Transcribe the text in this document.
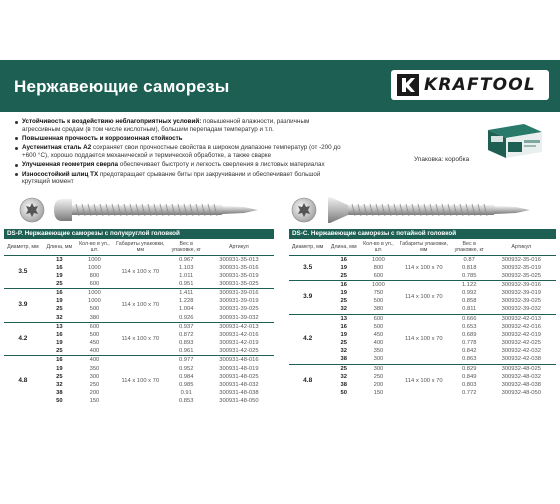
Нержавеющие саморезы	KRAFTOOL
Устойчивость к воздействию неблагоприятных условий: повышенной влажности, различным агрессивным средам (в том числе кислотным), большим перепадам температур и т.п.
Повышенная прочность и коррозионная стойкость
Аустенитная сталь А2 сохраняет свои прочностные свойства в широком диапазоне температур (от -200 до +600 °С), хорошо поддается механической и термической обработке, а также сварке
Улучшенная геометрия сверла обеспечивает быстроту и легкость сверления в листовых материалах
Износостойкий шлиц TX предотвращает срывание биты при закручивании и обеспечивает большой крутящий момент
Упаковка: коробка
DS-P. Нержавеющие саморезы с полукруглой головкой
Диаметр, мм	Длина, мм	Кол-во в уп., шт.	Габариты упаковки, мм	Вес в упаковке, кг	Артикул
3.5	13	1000	114 x 100 x 70	0.967	300931-35-013
	16	1000		1.103	300931-35-016
	19	800		1.011	300931-35-019
	25	600		0.951	300931-35-025
3.9	16	1000	114 x 100 x 70	1.411	300931-39-016
	19	1000		1.228	300931-39-019
	25	500		1.004	300931-39-025
	32	380		0.926	300931-39-032
4.2	13	600	114 x 100 x 70	0.937	300931-42-013
	16	500		0.872	300931-42-016
	19	450		0.893	300931-42-019
	25	400		0.961	300931-42-025
4.8	16	400	114 x 100 x 70	0.977	300931-48-016
	19	350		0.952	300931-48-019
	25	300		0.984	300931-48-025
	32	250		0.985	300931-48-032
	38	200		0.91	300931-48-038
	50	150		0.853	300931-48-050
DS-C. Нержавеющие саморезы с потайной головкой
Диаметр, мм	Длина, мм	Кол-во в уп., шт.	Габариты упаковки, мм	Вес в упаковке, кг	Артикул
3.5	16	1000	114 x 100 x 70	0.87	300932-35-016
	19	800		0.818	300932-35-019
	25	600		0.785	300932-35-025
3.9	16	1000	114 x 100 x 70	1.122	300932-39-016
	19	750		0.992	300932-39-019
	25	500		0.858	300932-39-025
	32	380		0.811	300932-39-032
4.2	13	600	114 x 100 x 70	0.666	300932-42-013
	16	500		0.653	300932-42-016
	19	450		0.689	300932-42-019
	25	400		0.778	300932-42-025
	32	350		0.842	300932-42-032
	38	300		0.863	300932-42-038
4.8	25	300	114 x 100 x 70	0.829	300932-48-025
	32	250		0.849	300932-48-032
	38	200		0.803	300932-48-038
	50	150		0.772	300932-48-050
